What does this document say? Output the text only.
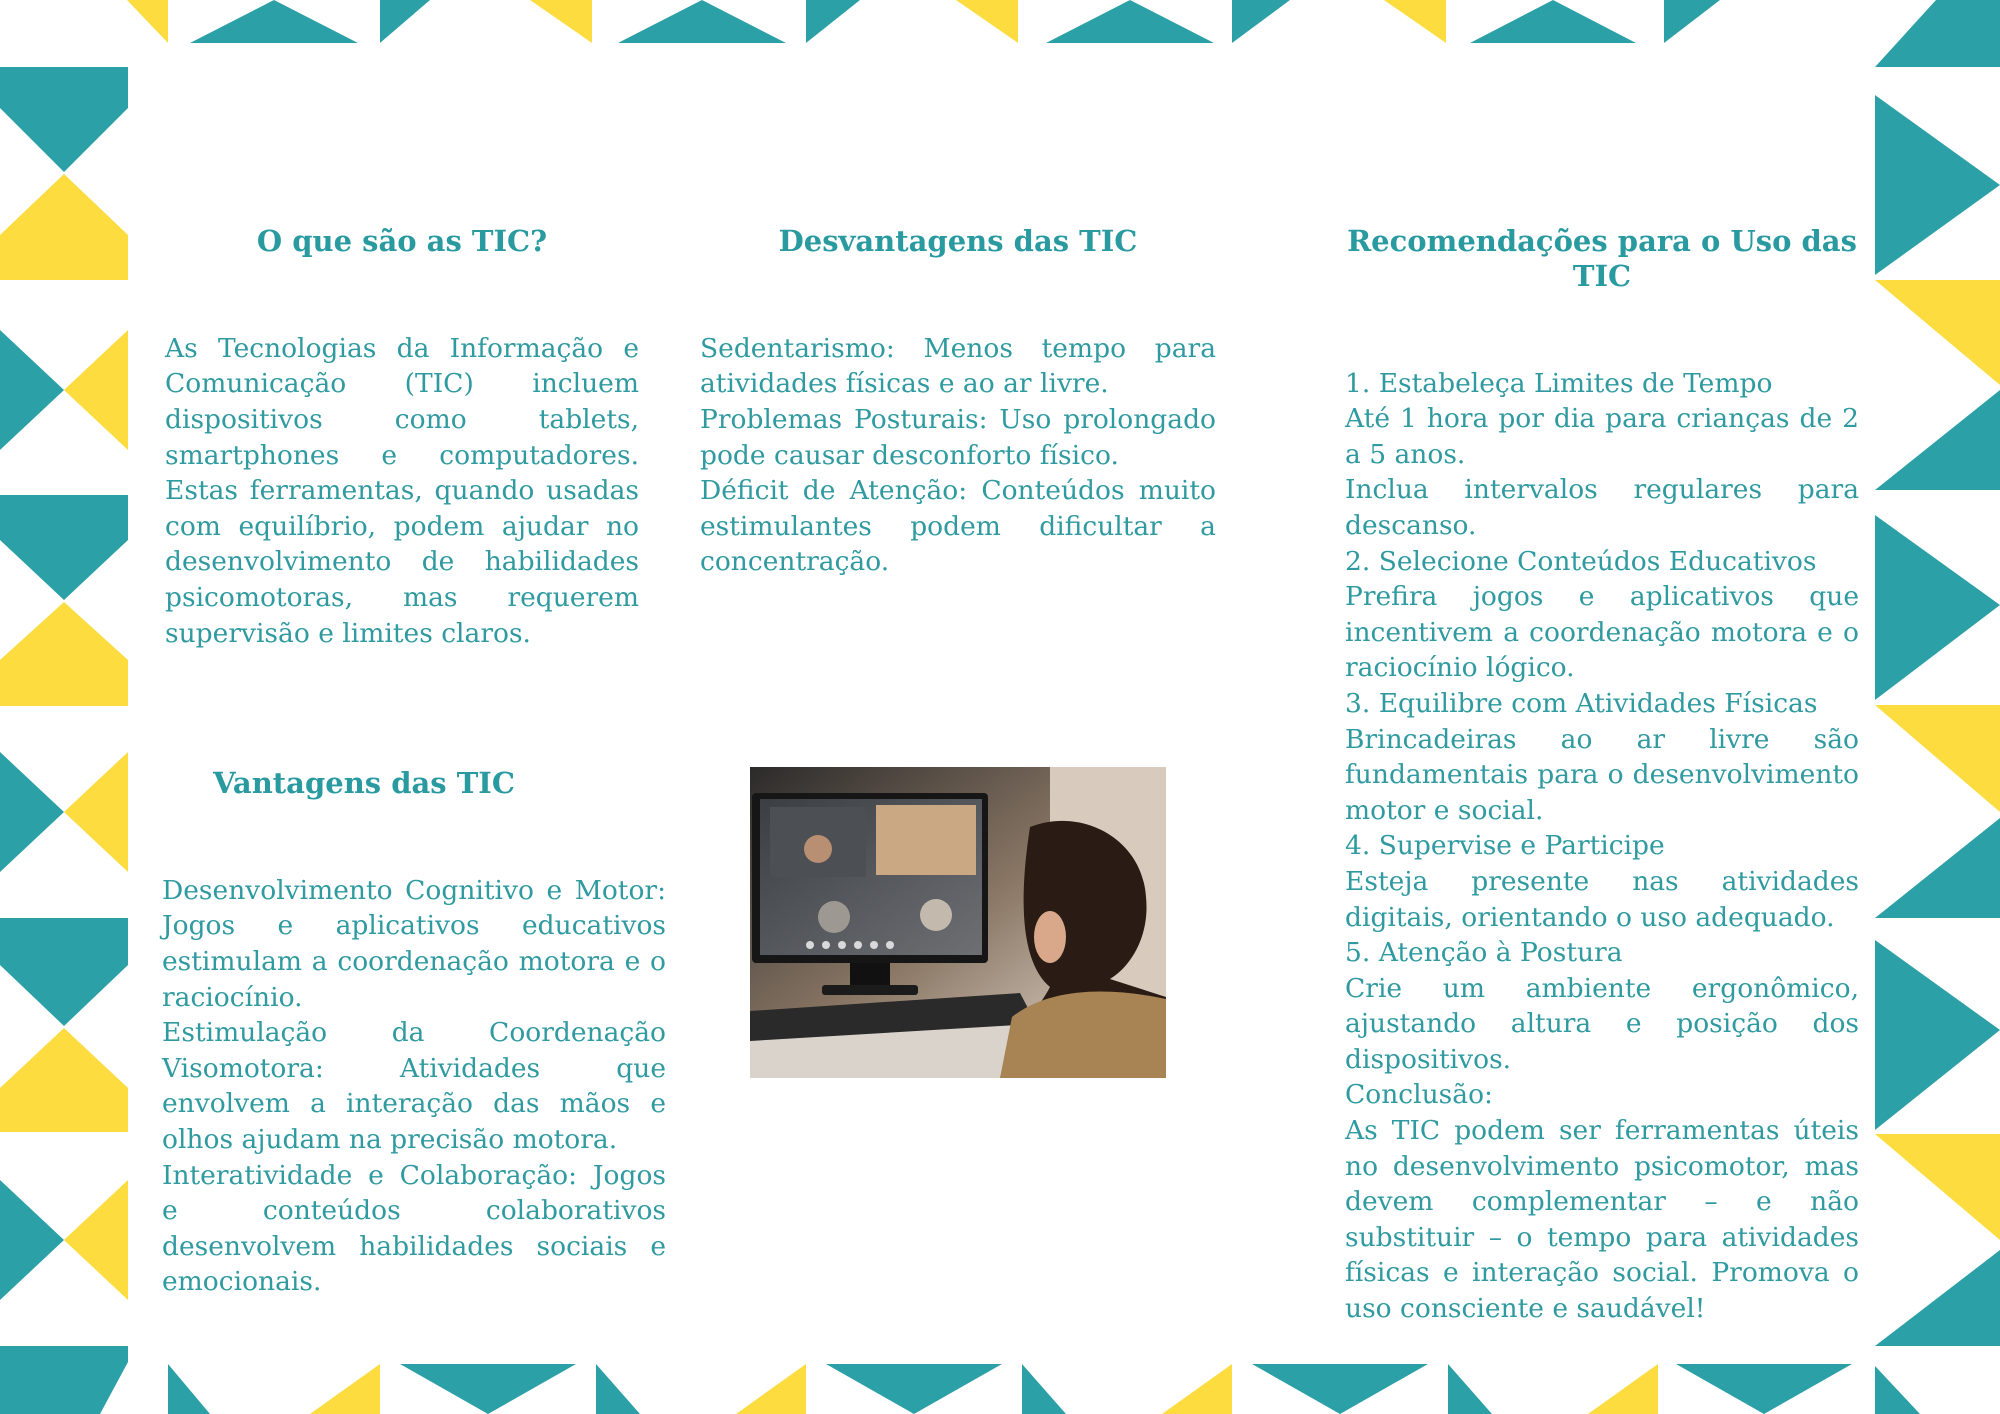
O que são as TIC?

As Tecnologias da Informação e Comunicação (TIC) incluem dispositivos como tablets, smartphones e computadores. Estas ferramentas, quando usadas com equilíbrio, podem ajudar no desenvolvimento de habilidades psicomotoras, mas requerem supervisão e limites claros.

Desvantagens das TIC
Sedentarismo: Menos tempo para atividades físicas e ao ar livre.
Problemas Posturais: Uso prolongado pode causar desconforto físico.
Déficit de Atenção: Conteúdos muito estimulantes podem dificultar a concentração.
Recomendações para o Uso das TIC
1. Estabeleça Limites de Tempo
Até 1 hora por dia para crianças de 2 a 5 anos.
Inclua intervalos regulares para descanso.
2. Selecione Conteúdos Educativos
Prefira jogos e aplicativos que incentivem a coordenação motora e o raciocínio lógico.
3. Equilibre com Atividades Físicas
Brincadeiras ao ar livre são fundamentais para o desenvolvimento motor e social.
4. Supervise e Participe
Esteja presente nas atividades digitais, orientando o uso adequado.
5. Atenção à Postura
Crie um ambiente ergonômico, ajustando altura e posição dos dispositivos.
Conclusão:
As TIC podem ser ferramentas úteis no desenvolvimento psicomotor, mas devem complementar – e não substituir – o tempo para atividades físicas e interação social. Promova o uso consciente e saudável!
Vantagens das TIC
Desenvolvimento Cognitivo e Motor: Jogos e aplicativos educativos estimulam a coordenação motora e o raciocínio.
Estimulação da Coordenação Visomotora: Atividades que envolvem a interação das mãos e olhos ajudam na precisão motora.
Interatividade e Colaboração: Jogos e conteúdos colaborativos desenvolvem habilidades sociais e emocionais.
